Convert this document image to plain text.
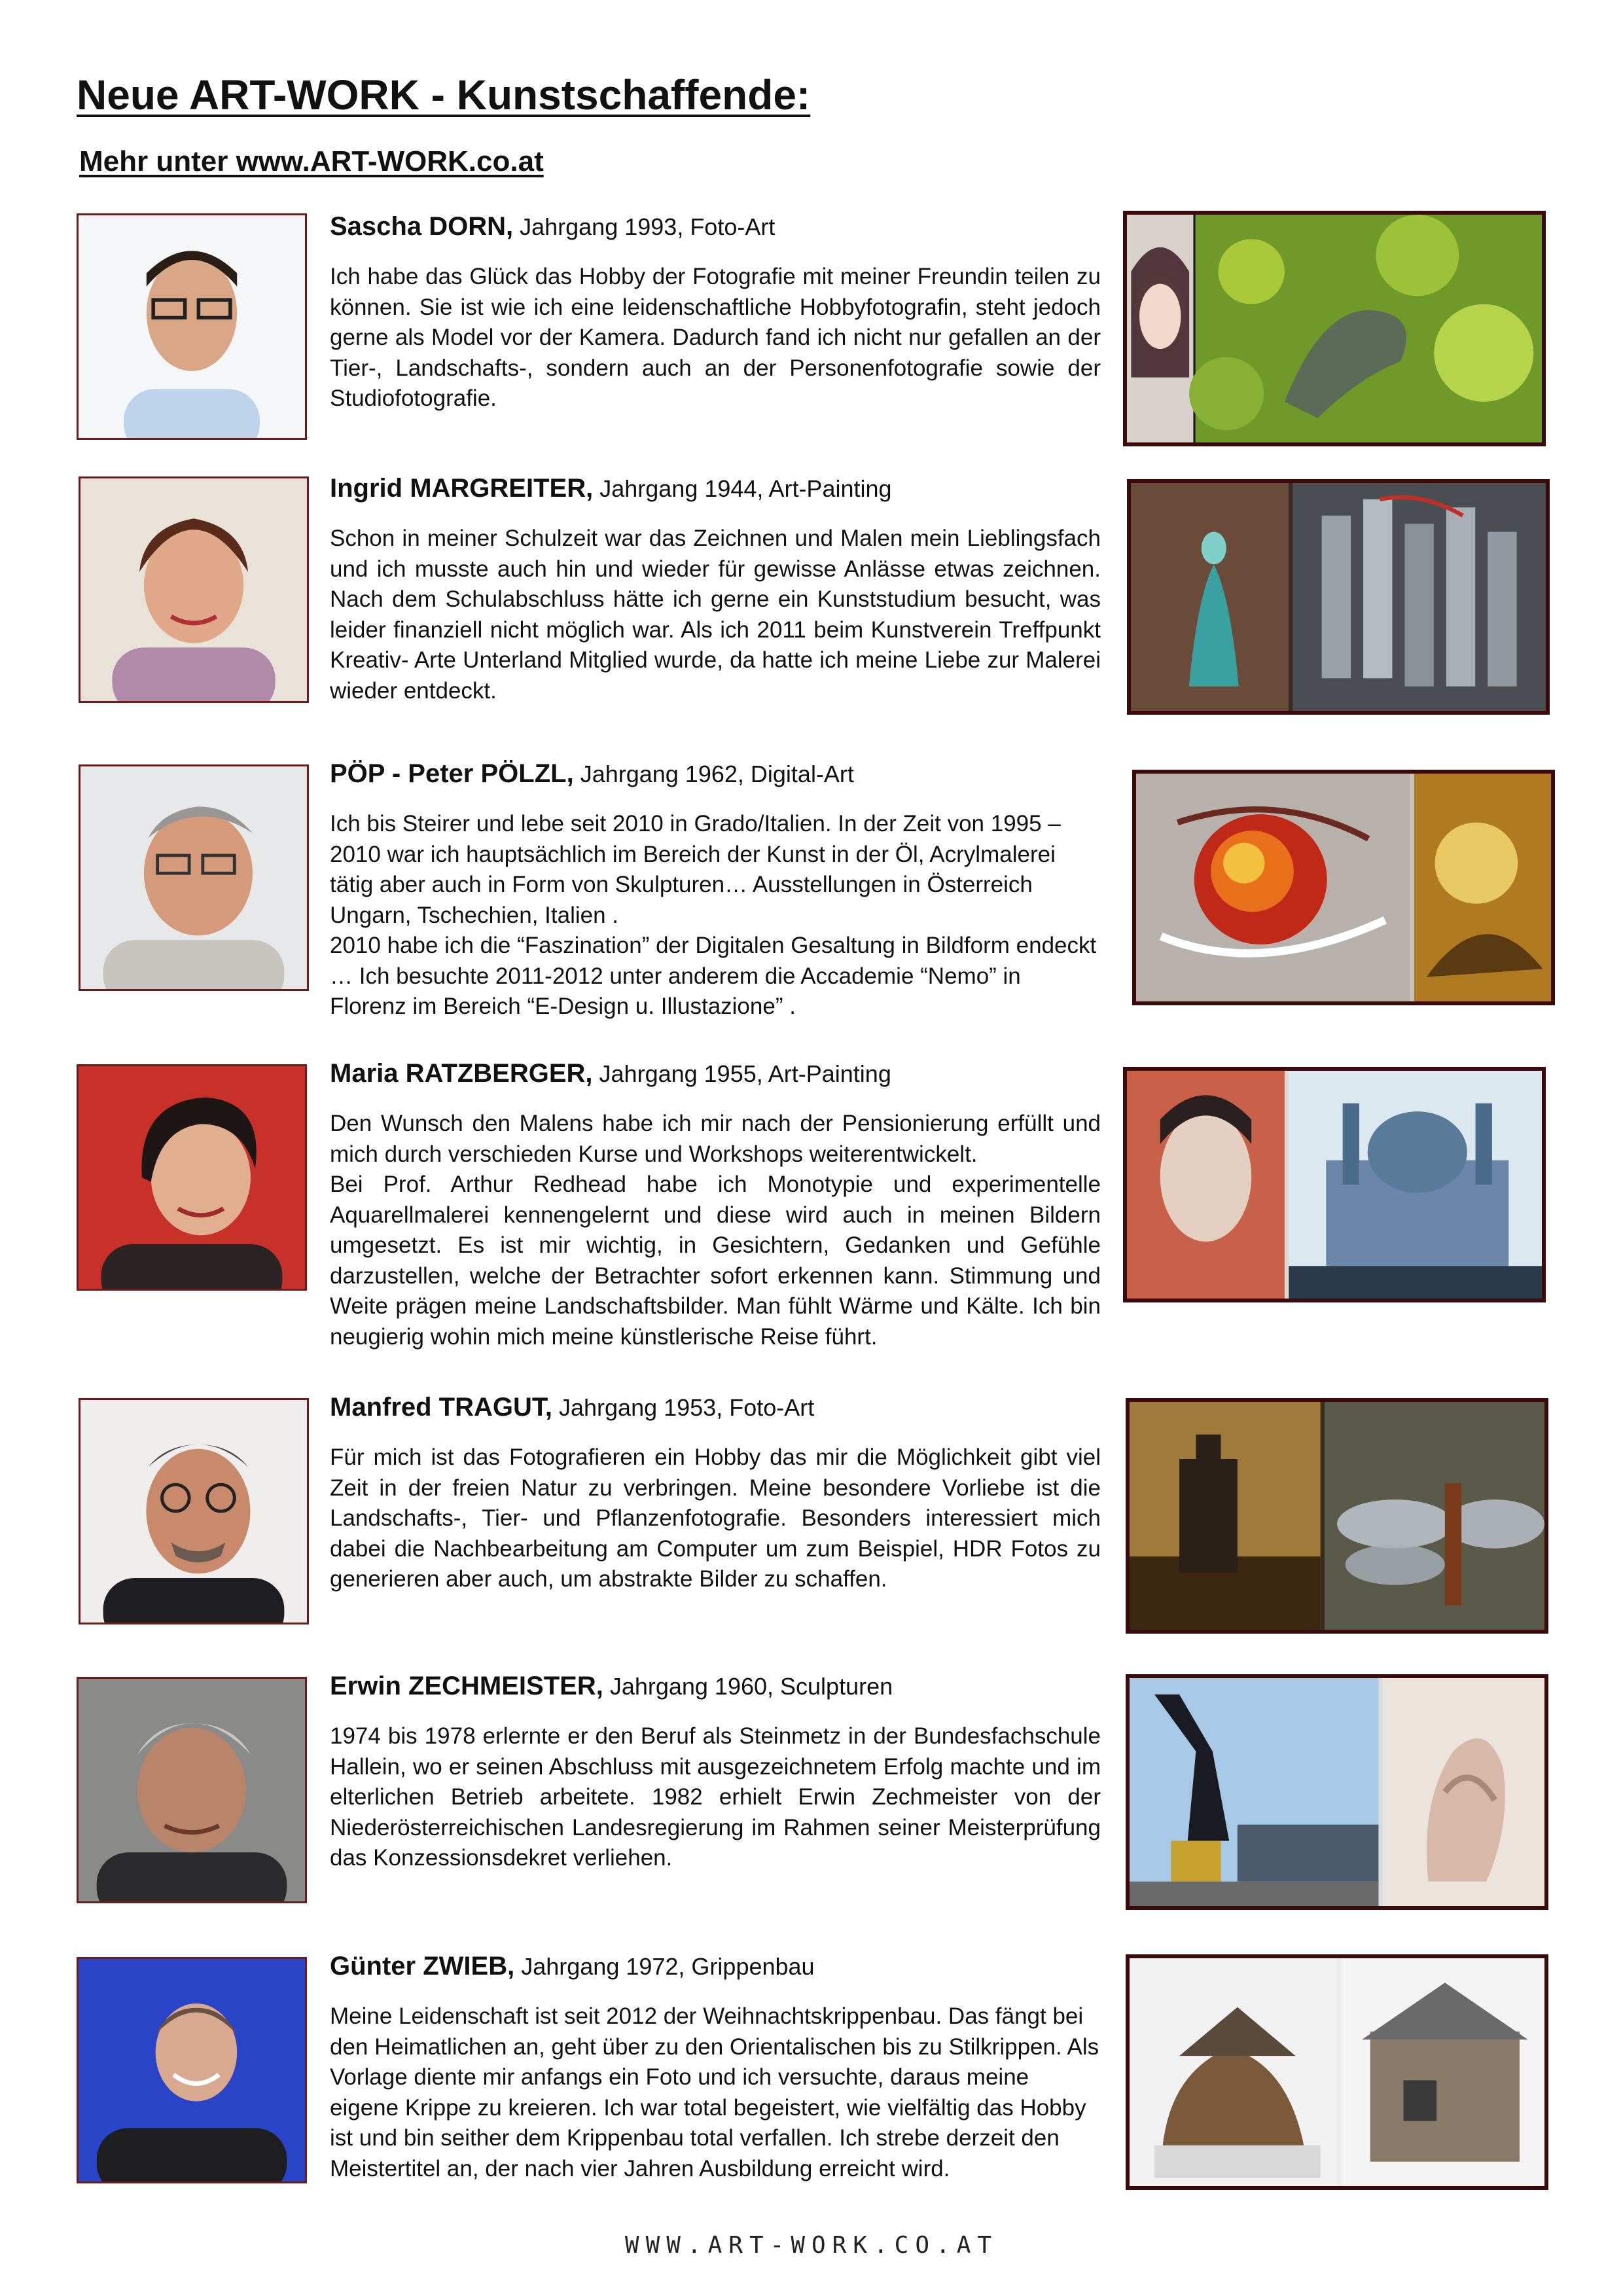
Neue ART-WORK - Kunstschaffende:
Mehr unter www.ART-WORK.co.at
Sascha DORN, Jahrgang 1993, Foto-Art

Ich habe das Glück das Hobby der Fotografie mit meiner Freundin teilen zu können. Sie ist wie ich eine leidenschaftliche Hobbyfotografin, steht jedoch gerne als Model vor der Kamera. Dadurch fand ich nicht nur gefallen an der Tier-, Landschafts-, sondern auch an der Personenfotografie sowie der Studiofotografie.

Ingrid MARGREITER, Jahrgang 1944, Art-Painting

Schon in meiner Schulzeit war das Zeichnen und Malen mein Lieblingsfach und ich musste auch hin und wieder für gewisse Anlässe etwas zeichnen. Nach dem Schulabschluss hätte ich gerne ein Kunststudium besucht, was leider finanziell nicht möglich war. Als ich 2011 beim Kunstverein Treffpunkt Kreativ- Arte Unterland Mitglied wurde, da hatte ich meine Liebe zur Malerei wieder entdeckt.

PÖP - Peter PÖLZL, Jahrgang 1962, Digital-Art

Ich bis Steirer und lebe seit 2010 in Grado/Italien. In der Zeit von 1995 – 2010 war ich hauptsächlich im Bereich der Kunst in der Öl, Acrylmalerei tätig aber auch in Form von Skulpturen… Ausstellungen in Österreich Ungarn, Tschechien, Italien .

2010 habe ich die “Faszination” der Digitalen Gesaltung in Bildform endeckt … Ich besuchte 2011-2012 unter anderem die Accademie “Nemo” in Florenz im Bereich “E-Design u. Illustazione” .

Maria RATZBERGER, Jahrgang 1955, Art-Painting

Den Wunsch den Malens habe ich mir nach der Pensionierung erfüllt und mich durch verschieden Kurse und Workshops weiterentwickelt.

Bei Prof. Arthur Redhead habe ich Monotypie und experimentelle Aquarellmalerei kennengelernt und diese wird auch in meinen Bildern umgesetzt. Es ist mir wichtig, in Gesichtern, Gedanken und Gefühle darzustellen, welche der Betrachter sofort erkennen kann. Stimmung und Weite prägen meine Landschaftsbilder. Man fühlt Wärme und Kälte. Ich bin neugierig wohin mich meine künstlerische Reise führt.

Manfred TRAGUT, Jahrgang 1953, Foto-Art

Für mich ist das Fotografieren ein Hobby das mir die Möglichkeit gibt viel Zeit in der freien Natur zu verbringen. Meine besondere Vorliebe ist die Landschafts-, Tier- und Pflanzenfotografie. Besonders interessiert mich dabei die Nachbearbeitung am Computer um zum Beispiel, HDR Fotos zu generieren aber auch, um abstrakte Bilder zu schaffen.

Erwin ZECHMEISTER, Jahrgang 1960, Sculpturen

1974 bis 1978 erlernte er den Beruf als Steinmetz in der Bundesfachschule Hallein, wo er seinen Abschluss mit ausgezeichnetem Erfolg machte und im elterlichen Betrieb arbeitete. 1982 erhielt Erwin Zechmeister von der Niederösterreichischen Landesregierung im Rahmen seiner Meisterprüfung das Konzessionsdekret verliehen.

Günter ZWIEB, Jahrgang 1972, Grippenbau

Meine Leidenschaft ist seit 2012 der Weihnachtskrippenbau. Das fängt bei den Heimatlichen an, geht über zu den Orientalischen bis zu Stilkrippen. Als Vorlage diente mir anfangs ein Foto und ich versuchte, daraus meine eigene Krippe zu kreieren. Ich war total begeistert, wie vielfältig das Hobby ist und bin seither dem Krippenbau total verfallen. Ich strebe derzeit den Meistertitel an, der nach vier Jahren Ausbildung erreicht wird.

WWW.ART-WORK.CO.AT
